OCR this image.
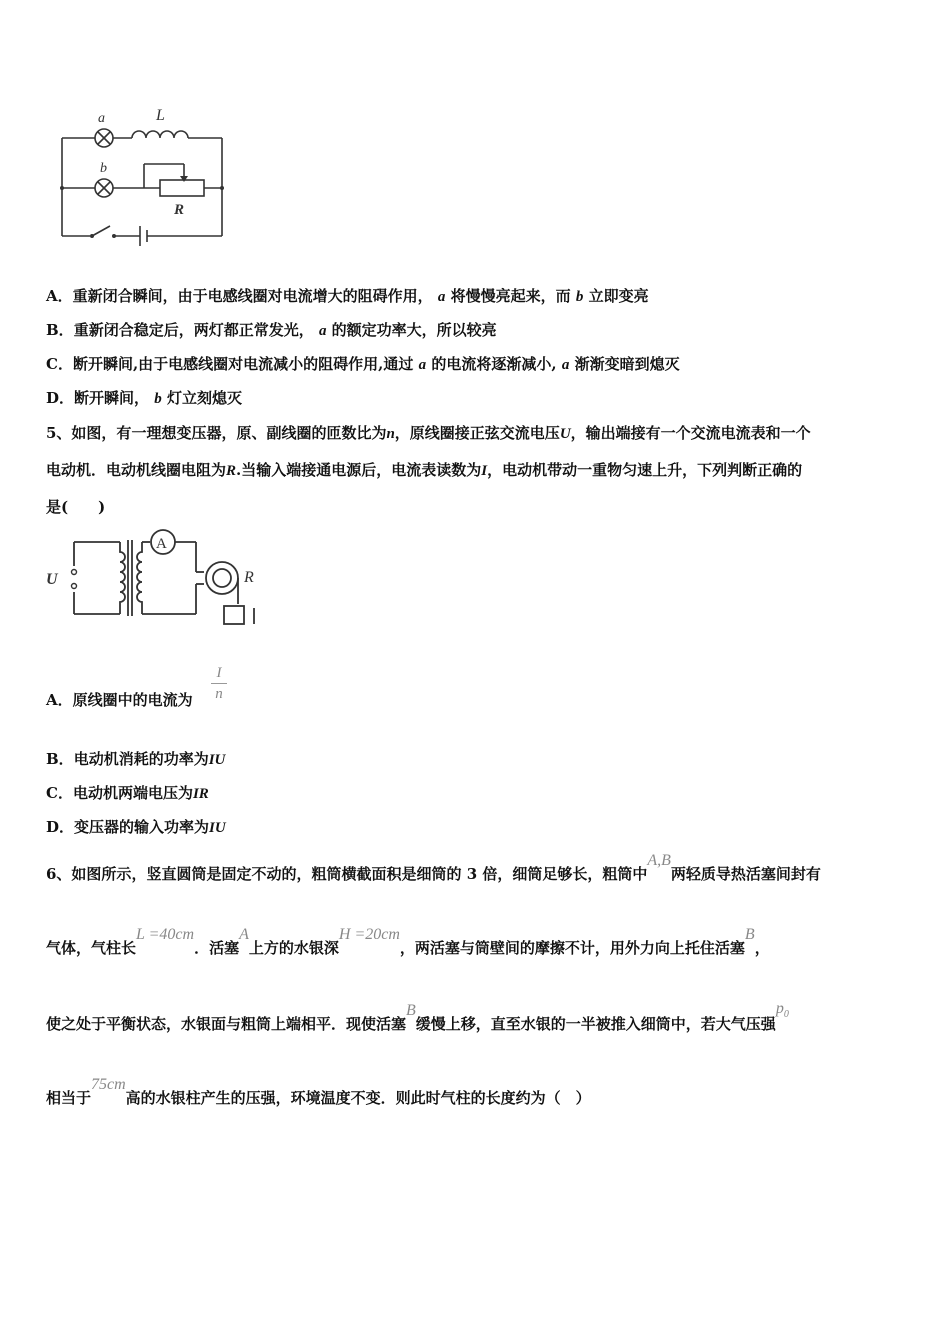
a	L
b
R
A．重新闭合瞬间，由于电感线圈对电流增大的阻碍作用， a 将慢慢亮起来，而 b 立即变亮
B．重新闭合稳定后，两灯都正常发光， a 的额定功率大，所以较亮
C．断开瞬间,由于电感线圈对电流减小的阻碍作用,通过 a 的电流将逐渐减小, a 渐渐变暗到熄灭
D．断开瞬间， b 灯立刻熄灭
5、如图，有一理想变压器，原、副线圈的匝数比为n，原线圈接正弦交流电压U，输出端接有一个交流电流表和一个
电动机．电动机线圈电阻为R.当输入端接通电源后，电流表读数为I，电动机带动一重物匀速上升，下列判断正确的
是(　　)
U
A
R
A．原线圈中的电流为
I
n
B．电动机消耗的功率为IU
C．电动机两端电压为IR
D．变压器的输入功率为IU
6、如图所示，竖直圆筒是固定不动的，粗筒横截面积是细筒的 3 倍，细筒足够长，粗筒中A,B两轻质导热活塞间封有
气体，气柱长L =40cm．活塞A上方的水银深H =20cm，两活塞与筒壁间的摩擦不计，用外力向上托住活塞B，
使之处于平衡状态，水银面与粗筒上端相平．现使活塞B缓慢上移，直至水银的一半被推入细筒中，若大气压强$p_0$
相当于75cm高的水银柱产生的压强，环境温度不变．则此时气柱的长度约为（　）
